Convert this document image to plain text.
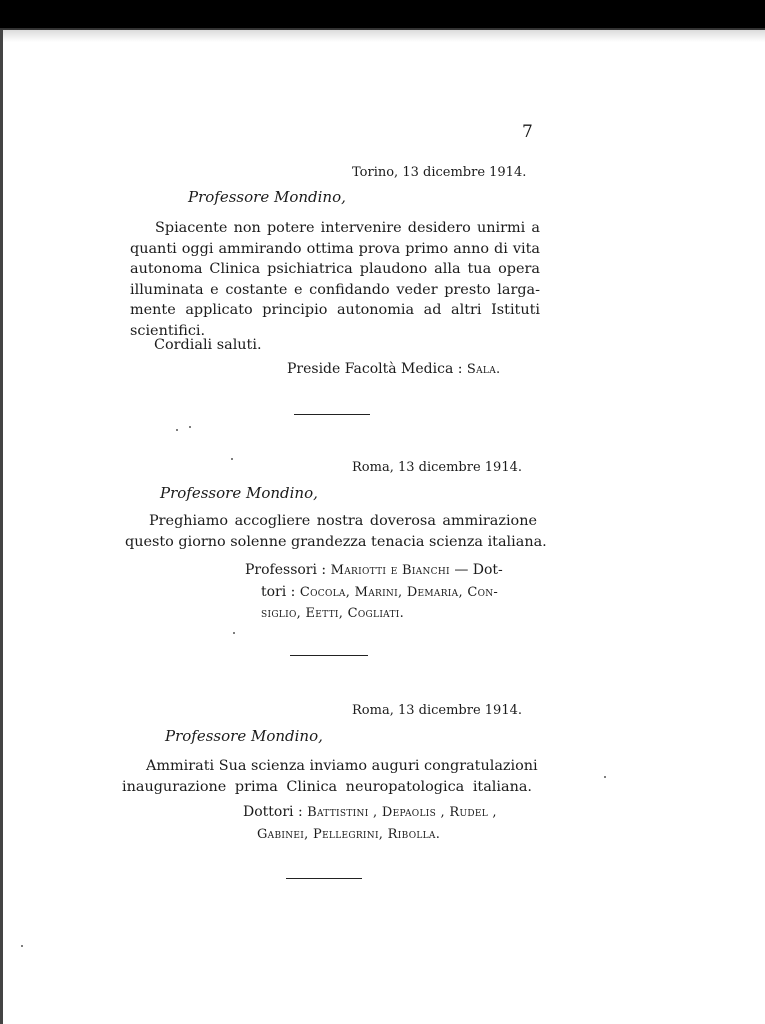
7
Torino, 13 dicembre 1914.
Professore Mondino,
Spiacente non potere intervenire desidero unirmi a
quanti oggi ammirando ottima prova primo anno di vita
autonoma Clinica psichiatrica plaudono alla tua opera
illuminata e costante e confidando veder presto larga-
mente applicato principio autonomia ad altri Istituti
scientifici.
Cordiali saluti.
Preside Facoltà Medica : Sala.
Roma, 13 dicembre 1914.
Professore Mondino,
Preghiamo accogliere nostra doverosa ammirazione
questo giorno solenne grandezza tenacia scienza italiana.
Professori : Mariotti e Bianchi — Dot-
tori : Cocola, Marini, Demaria, Con-
siglio, Eetti, Cogliati.
Roma, 13 dicembre 1914.
Professore Mondino,
Ammirati Sua scienza inviamo auguri congratulazioni
inaugurazione prima Clinica neuropatologica italiana.
Dottori : Battistini , Depaolis , Rudel ,
Gabinei, Pellegrini, Ribolla.
